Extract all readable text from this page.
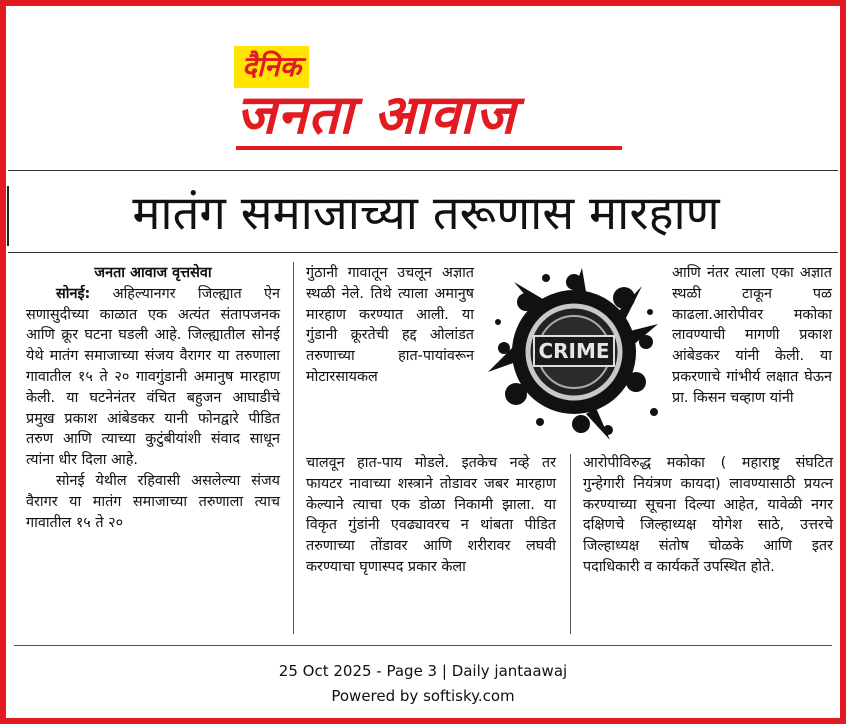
दैनिक
जनता आवाज
मातंग समाजाच्या तरूणास मारहाण

जनता आवाज वृत्तसेवा

सोनई: अहिल्यानगर जिल्ह्यात ऐन सणासुदीच्या काळात एक अत्यंत संतापजनक आणि क्रूर घटना घडली आहे. जिल्ह्यातील सोनई येथे मातंग समाजाच्या संजय वैरागर या तरुणाला गावातील १५ ते २० गावगुंडानी अमानुष मारहाण केली. या घटनेनंतर वंचित बहुजन आघाडीचे प्रमुख प्रकाश आंबेडकर यानी फोनद्वारे पीडित तरुण आणि त्याच्या कुटुंबीयांशी संवाद साधून त्यांना धीर दिला आहे.

सोनई येथील रहिवासी असलेल्या संजय वैरागर या मातंग समाजाच्या तरुणाला त्याच गावातील १५ ते २०

गुंठानी गावातून उचलून अज्ञात स्थळी नेले. तिथे त्याला अमानुष मारहाण करण्यात आली. या गुंडानी क्रूरतेची हद्द ओलांडत तरुणाच्या हात-पायांवरून मोटारसायकल

चालवून हात-पाय मोडले. इतकेच नव्हे तर फायटर नावाच्या शस्त्राने तोडावर जबर मारहाण केल्याने त्याचा एक डोळा निकामी झाला. या विकृत गुंडांनी एवढ्यावरच न थांबता पीडित तरुणाच्या तोंडावर आणि शरीरावर लघवी करण्याचा घृणास्पद प्रकार केला

CRIME

आणि नंतर त्याला एका अज्ञात स्थळी टाकून पळ काढला.आरोपीवर मकोका लावण्याची मागणी प्रकाश आंबेडकर यांनी केली. या प्रकरणाचे गांभीर्य लक्षात घेऊन प्रा. किसन चव्हाण यांनी

आरोपीविरुद्ध मकोका ( महाराष्ट्र संघटित गुन्हेगारी नियंत्रण कायदा) लावण्यासाठी प्रयत्न करण्याच्या सूचना दिल्या आहेत, यावेळी नगर दक्षिणचे जिल्हाध्यक्ष योगेश साठे, उत्तरचे जिल्हाध्यक्ष संतोष चोळके आणि इतर पदाधिकारी व कार्यकर्ते उपस्थित होते.

25 Oct 2025 - Page 3 | Daily jantaawaj
Powered by softisky.com
